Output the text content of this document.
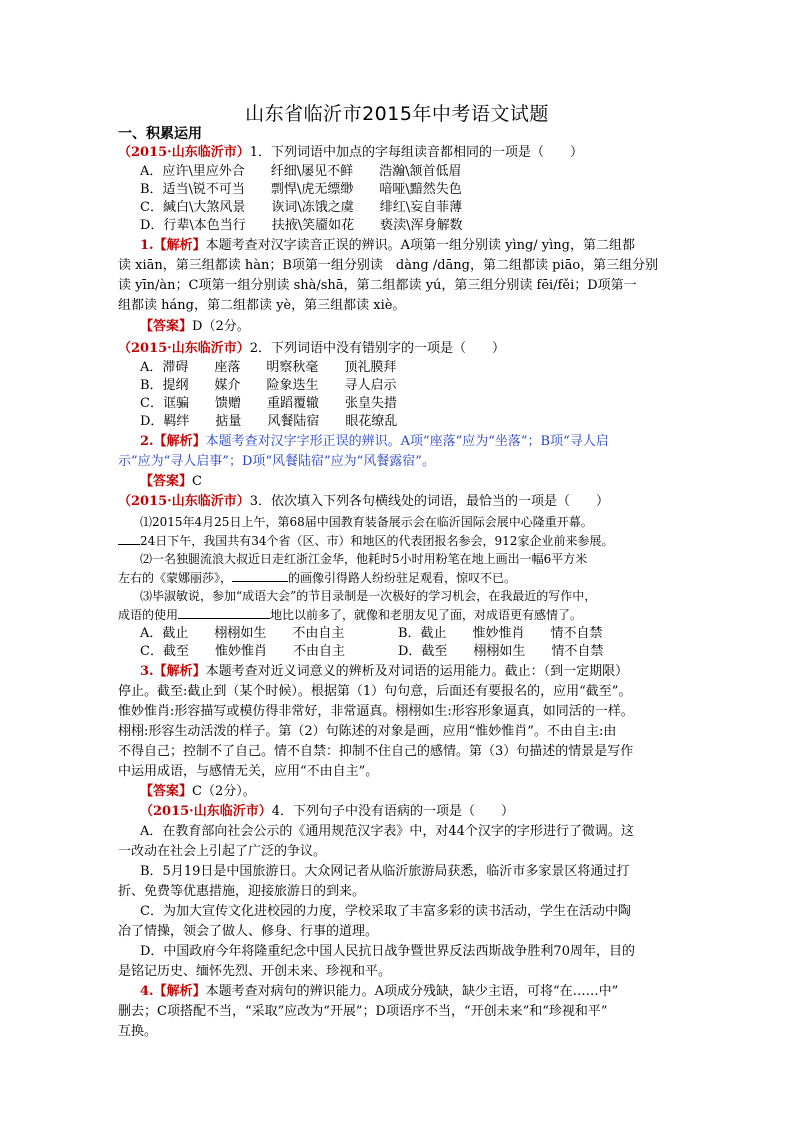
山东省临沂市2015年中考语文试题
一、积累运用
（2015·山东临沂市）1．下列词语中加点的字每组读音都相同的一项是（　　）
A．应许\里应外合　　纤细\屡见不鲜　　浩瀚\颔首低眉
B．适当\锐不可当　　剽悍\虎无缥缈　　喑哑\黯然失色
C．緘白\大煞风景　　诙词\冻饿之虞　　绯红\妄自菲薄
D．行辈\本色当行　　扶掖\笑靥如花　　亵渎\浑身解数
1.【解析】本题考查对汉字读音正误的辨识。A项第一组分别读 yìng/ yìng，第二组都
读 xiān，第三组都读 hàn；B项第一组分别读　dàng /dāng，第二组都读 piāo，第三组分别
读 yīn/àn；C项第一组分别读 shà/shā，第二组都读 yú，第三组分别读 fēi/fěi；D项第一
组都读 háng，第二组都读 yè，第三组都读 xiè。
【答案】D（2分。
（2015·山东临沂市）2．下列词语中没有错别字的一项是（　　）
A．滞碍　　座落　　明察秋毫　　顶礼膜拜
B．提纲　　媒介　　险象迭生　　寻人启示
C．诓骗　　馈赠　　重蹈覆辙　　张皇失措
D．羁绊　　掂量　　风餐陆宿　　眼花缭乱
2.【解析】本题考查对汉字字形正误的辨识。A项“座落”应为“坐落”；B项“寻人启
示”应为“寻人启事”；D项“风餐陆宿”应为“风餐露宿”。
【答案】C
（2015·山东临沂市）3．依次填入下列各句横线处的词语，最恰当的一项是（　　）
⑴2015年4月25日上午，第68届中国教育装备展示会在临沂国际会展中心隆重开幕。
24日下午，我国共有34个省（区、市）和地区的代表团报名参会，912家企业前来参展。
⑵一名独腿流浪大叔近日走红浙江金华，他耗时5小时用粉笔在地上画出一幅6平方米
左右的《蒙娜丽莎》，	的画像引得路人纷纷驻足观看，惊叹不已。
⑶毕淑敏说，参加“成语大会”的节目录制是一次极好的学习机会，在我最近的写作中，
成语的使用	地比以前多了，就像和老朋友见了面，对成语更有感情了。
A．截止　　栩栩如生　　不由自主	B．截止　　惟妙惟肖　　情不自禁
C．截至　　惟妙惟肖　　不由自主	D．截至　　栩栩如生　　情不自禁
3.【解析】本题考查对近义词意义的辨析及对词语的运用能力。截止：（到一定期限）
停止。截至:截止到（某个时候）。根据第（1）句句意，后面还有要报名的，应用“截至”。
惟妙惟肖:形容描写或模仿得非常好，非常逼真。栩栩如生:形容形象逼真，如同活的一样。
栩栩:形容生动活泼的样子。第（2）句陈述的对象是画，应用“惟妙惟肖”。不由自主:由
不得自己；控制不了自己。情不自禁：抑制不住自己的感情。第（3）句描述的情景是写作
中运用成语，与感情无关，应用“不由自主”。
【答案】C（2分）。
（2015·山东临沂市）4．下列句子中没有语病的一项是（　　）
A．在教育部向社会公示的《通用规范汉字表》中，对44个汉字的字形进行了微调。这
一改动在社会上引起了广泛的争议。
B．5月19日是中国旅游日。大众网记者从临沂旅游局获悉，临沂市多家景区将通过打
折、免费等优惠措施，迎接旅游日的到来。
C．为加大宣传文化进校园的力度，学校采取了丰富多彩的读书活动，学生在活动中陶
冶了情操，领会了做人、修身、行事的道理。
D．中国政府今年将隆重纪念中国人民抗日战争暨世界反法西斯战争胜利70周年，目的
是铭记历史、缅怀先烈、开创未来、珍视和平。
4.【解析】本题考查对病句的辨识能力。A项成分残缺，缺少主语，可将“在……中”
删去；C项搭配不当，“采取”应改为“开展”；D项语序不当，“开创未来”和“珍视和平”
互换。
